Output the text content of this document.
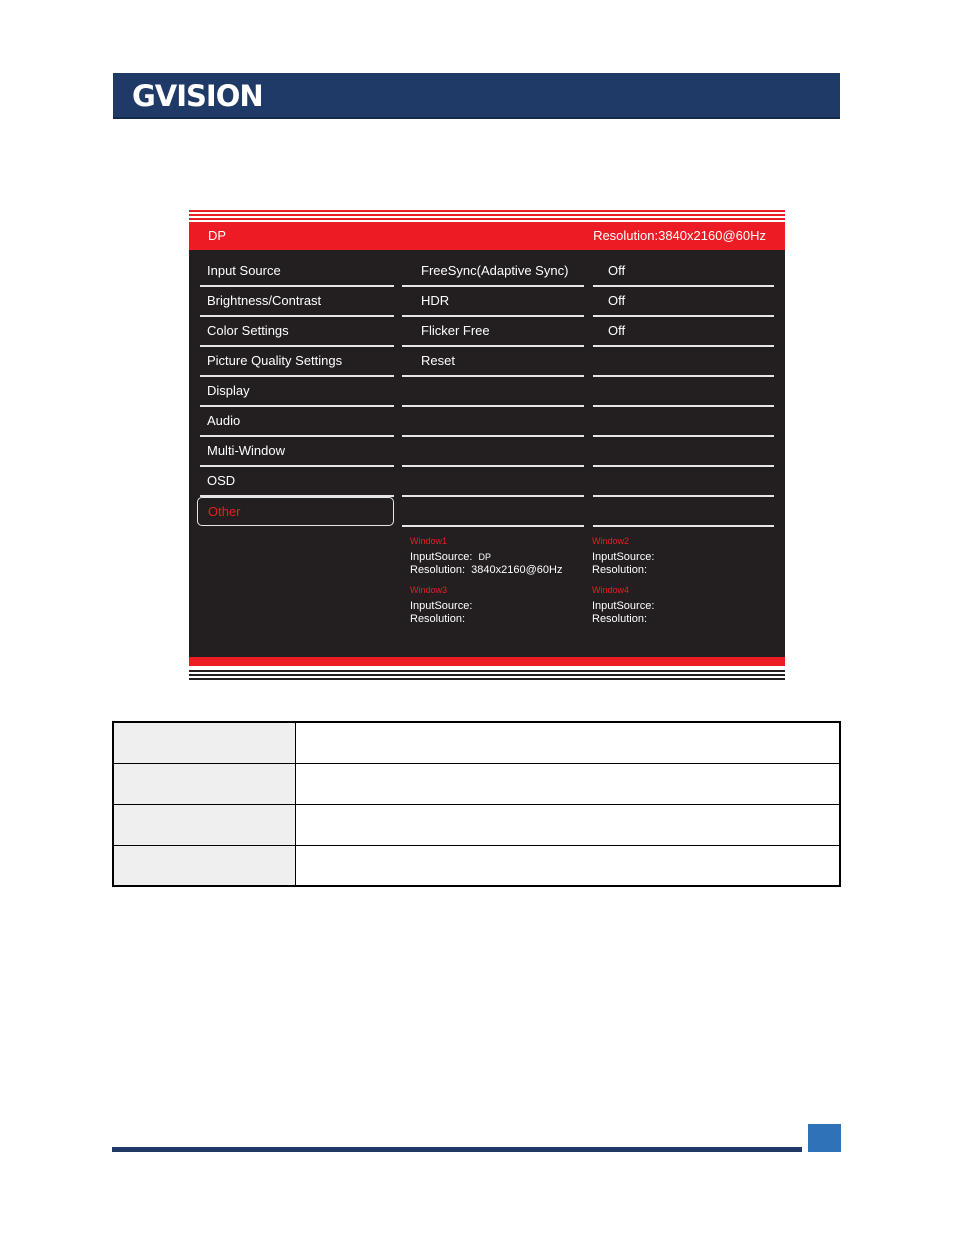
GVISION
DP	Resolution:3840x2160@60Hz
Input Source
Brightness/Contrast
Color Settings
Picture Quality Settings
Display
Audio
Multi-Window
OSD
Other
FreeSync(Adaptive Sync)
HDR
Flicker Free
Reset
Off
Off
Off
Window1
InputSource: DP
Resolution: 3840x2160@60Hz
Window2
InputSource:
Resolution:
Window3
InputSource:
Resolution:
Window4
InputSource:
Resolution:
